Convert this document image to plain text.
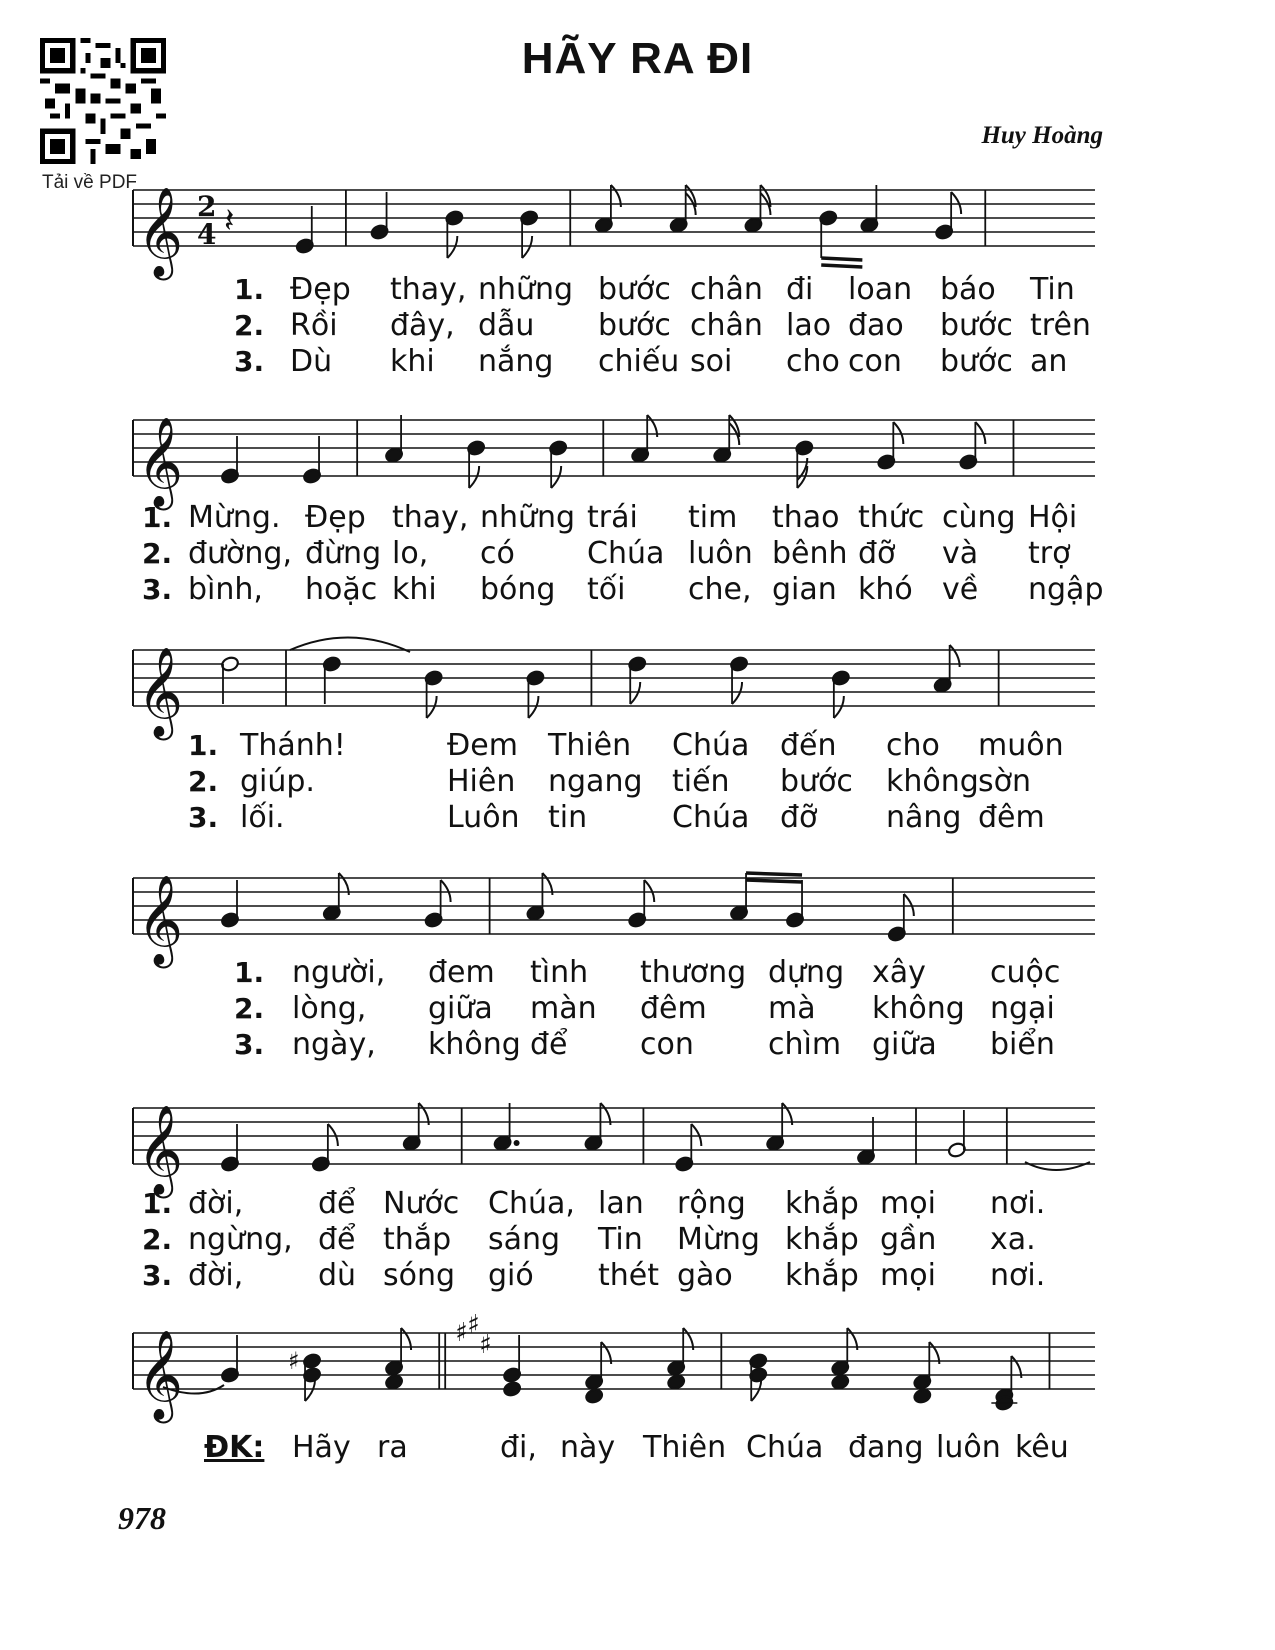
Tải về PDF
HÃY RA ĐI
Huy Hoàng
𝄞 2
4 𝄽
1. Đẹp thay, những bước chân đi loan báo Tin
2. Rồi đây, dẫu bước chân lao đao bước trên
3. Dù khi nắng chiếu soi cho con bước an
𝄞
1. Mừng. Đẹp thay, những trái tim thao thức cùng Hội
2. đường, đừng lo, có Chúa luôn bênh đỡ và trợ
3. bình, hoặc khi bóng tối che, gian khó về ngập
𝄞
1. Thánh!	Đem Thiên Chúa đến cho muôn
2. giúp.	Hiên ngang tiến bước không sờn
3. lối.	Luôn tin	Chúa đỡ nâng đêm
𝄞
1. người, đem tình thương dựng xây cuộc
2. lòng, giữa màn đêm mà không ngại
3. ngày, không để con chìm giữa biển
𝄞
1. đời, để Nước Chúa, lan rộng khắp mọi nơi.
2. ngừng, để thắp sáng Tin Mừng khắp gần xa.
3. đời, dù sóng gió thét gào khắp mọi nơi.
𝄞	♯
♯ ♯
♯
ĐK: Hãy ra	đi, này Thiên Chúa đang luôn kêu
978
